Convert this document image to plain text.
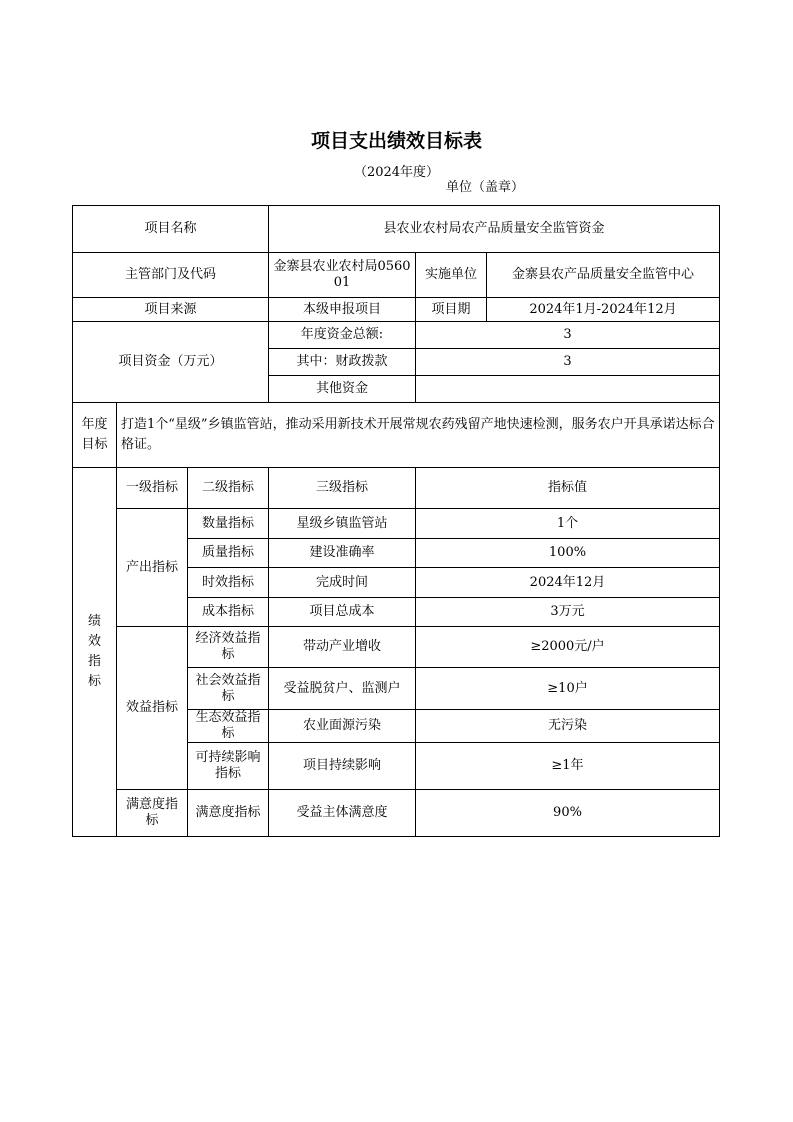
项目支出绩效目标表
（2024年度）
单位（盖章）
项目名称			县农业农村局农产品质量安全监管资金		
主管部门及代码			金寨县农业农村局056001	实施单位	金寨县农产品质量安全监管中心
项目来源			本级申报项目	项目期	2024年1月-2024年12月
项目资金（万元）			年度资金总额:	3	
			其中：财政拨款	3	
			其他资金		
年度目标	打造1个“星级”乡镇监管站，推动采用新技术开展常规农药残留产地快速检测，服务农户开具承诺达标合格证。				

绩
效
指
标	一级指标	二级指标	三级指标	指标值	
	产出指标	数量指标	星级乡镇监管站	1个	
		质量指标	建设准确率	100%	
		时效指标	完成时间	2024年12月	
		成本指标	项目总成本	3万元	
	效益指标	经济效益指标	带动产业增收	≥2000元/户	
		社会效益指标	受益脱贫户、监测户	≥10户	
		生态效益指标	农业面源污染	无污染	
		可持续影响指标	项目持续影响	≥1年	
	满意度指标	满意度指标	受益主体满意度	90%	
